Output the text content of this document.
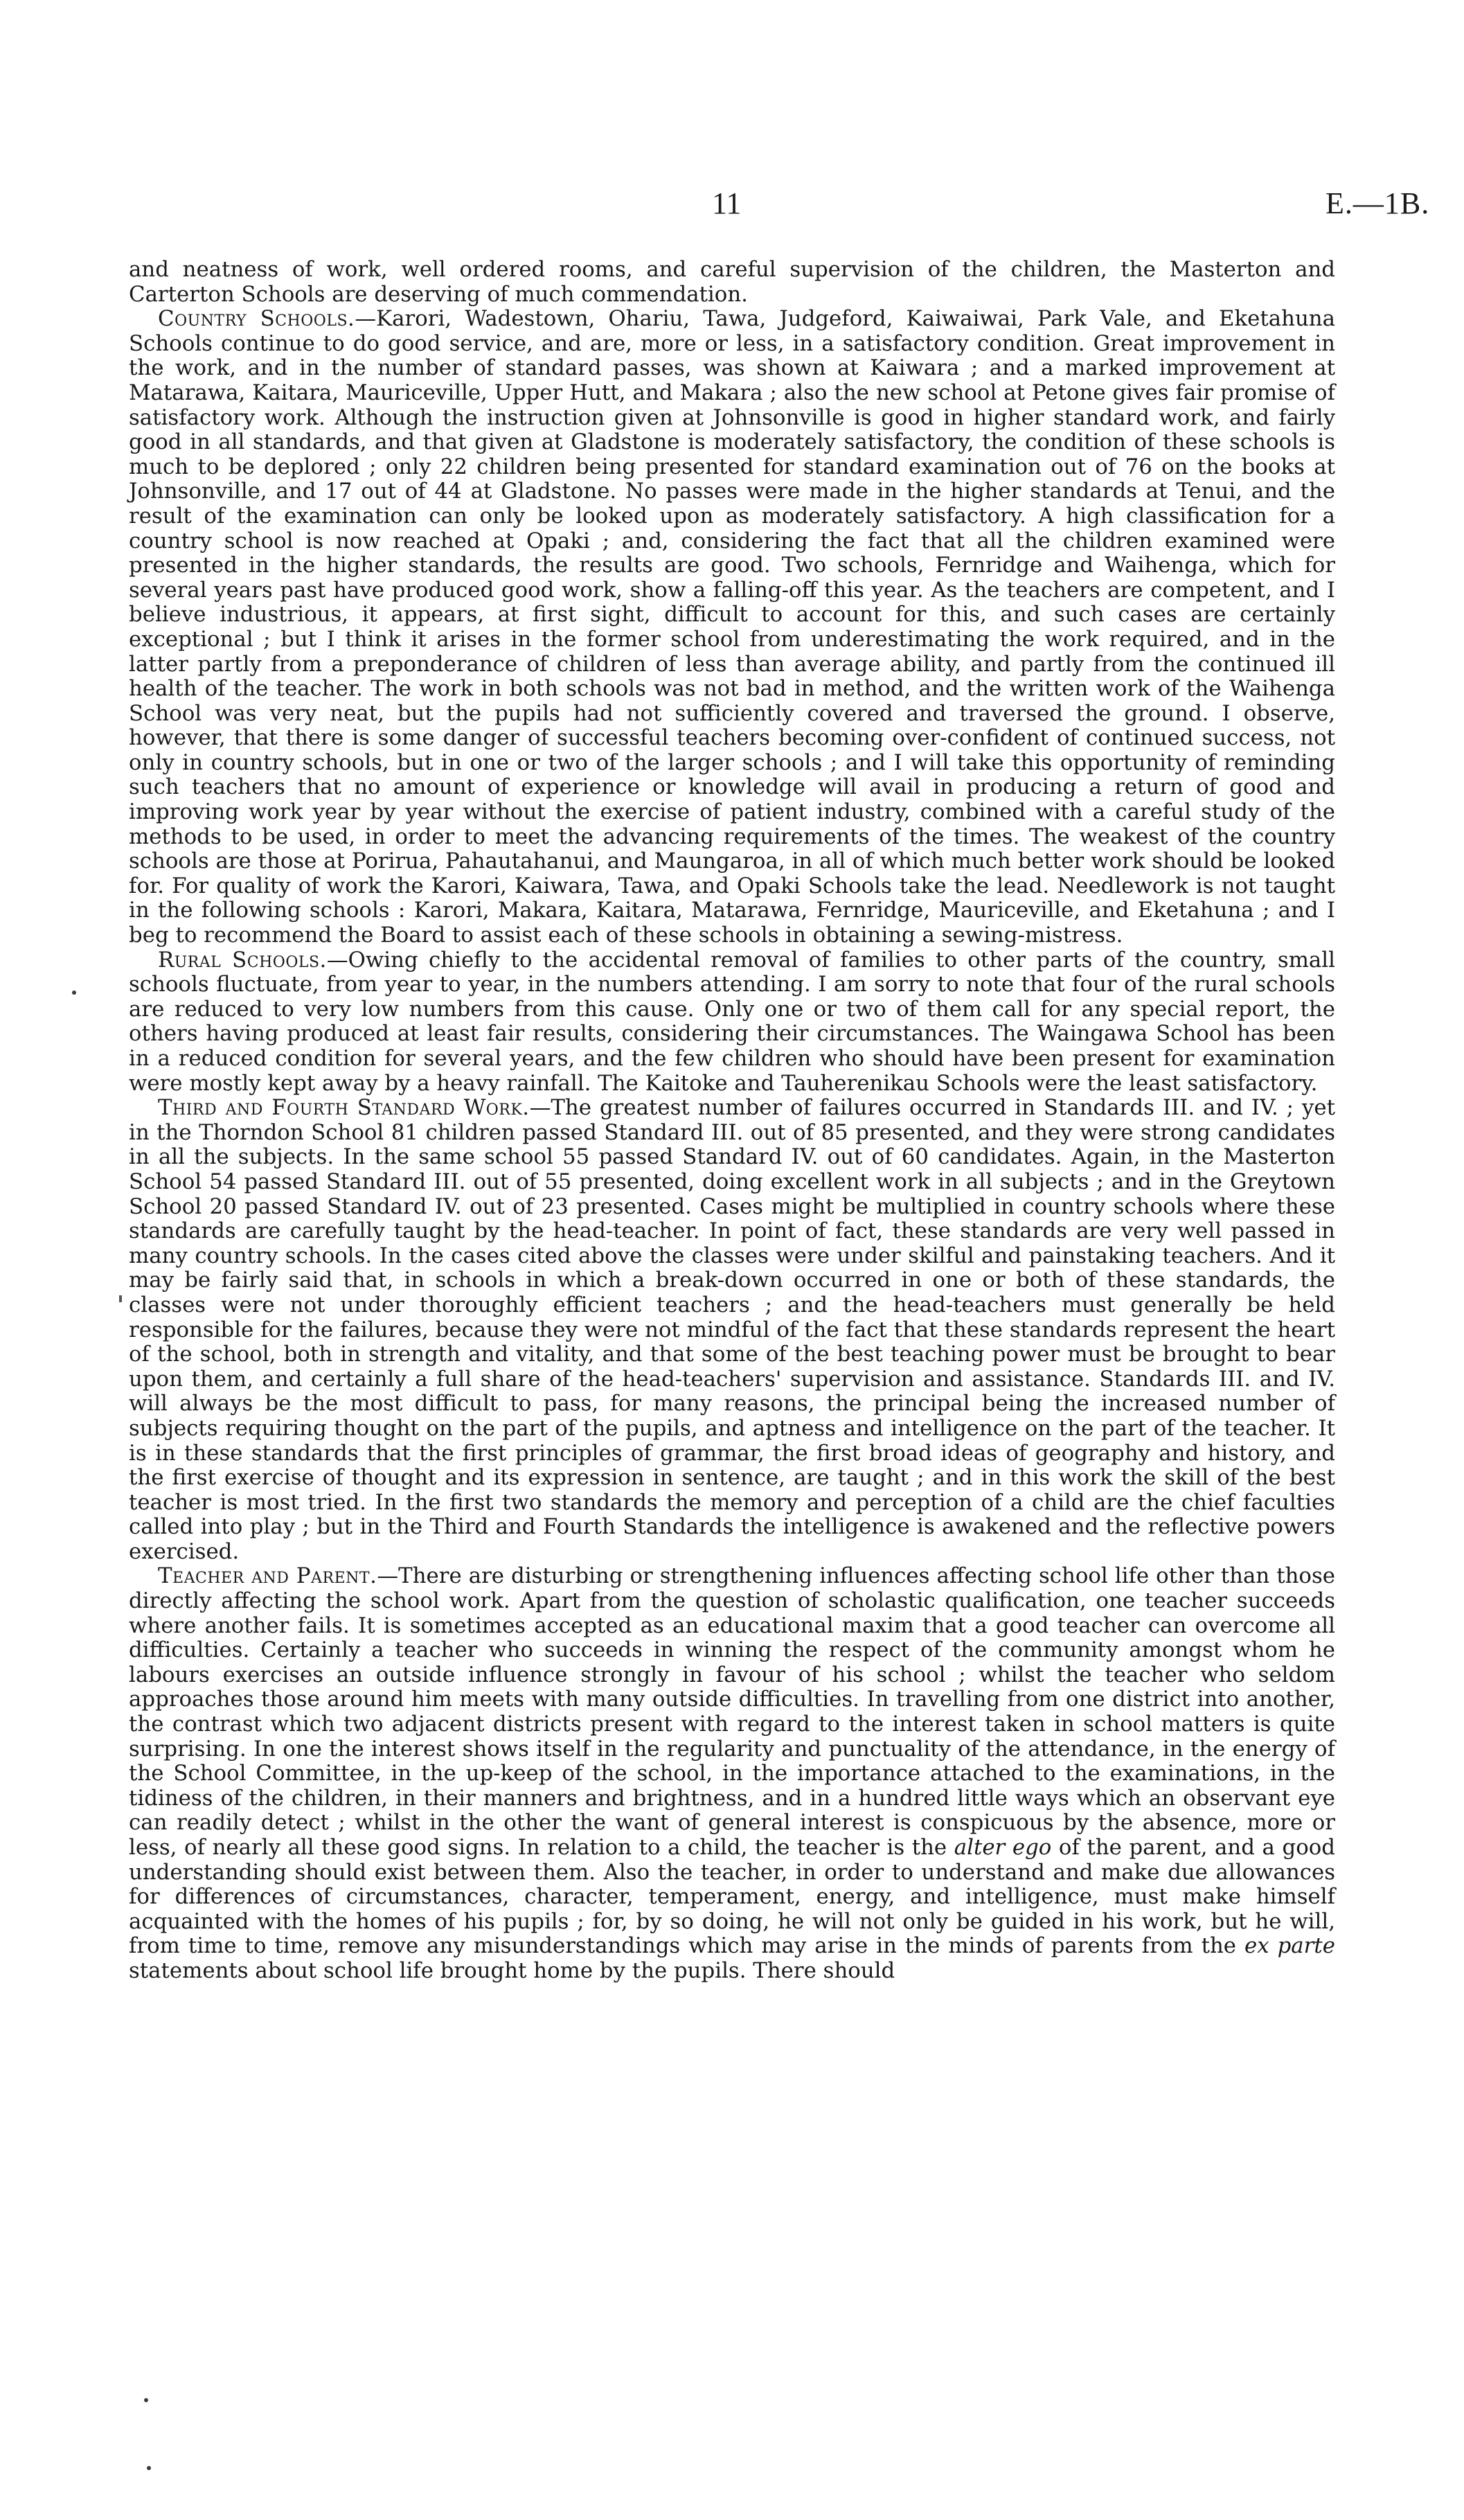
11	E.—1B.

and neatness of work, well ordered rooms, and careful supervision of the children, the Masterton and Carterton Schools are deserving of much commendation.

Country Schools.—Karori, Wadestown, Ohariu, Tawa, Judgeford, Kaiwaiwai, Park Vale, and Eketahuna Schools continue to do good service, and are, more or less, in a satisfactory condition. Great improvement in the work, and in the number of standard passes, was shown at Kaiwara ; and a marked improvement at Matarawa, Kaitara, Mauriceville, Upper Hutt, and Makara ; also the new school at Petone gives fair promise of satisfactory work. Although the instruction given at Johnsonville is good in higher standard work, and fairly good in all standards, and that given at Gladstone is moderately satisfactory, the condition of these schools is much to be deplored ; only 22 children being presented for standard examination out of 76 on the books at Johnsonville, and 17 out of 44 at Gladstone. No passes were made in the higher standards at Tenui, and the result of the examination can only be looked upon as moderately satisfactory. A high classification for a country school is now reached at Opaki ; and, considering the fact that all the children examined were presented in the higher standards, the results are good. Two schools, Fernridge and Waihenga, which for several years past have produced good work, show a falling-off this year. As the teachers are competent, and I believe industrious, it appears, at first sight, difficult to account for this, and such cases are certainly exceptional ; but I think it arises in the former school from underestimating the work required, and in the latter partly from a preponderance of children of less than average ability, and partly from the continued ill health of the teacher. The work in both schools was not bad in method, and the written work of the Waihenga School was very neat, but the pupils had not sufficiently covered and traversed the ground. I observe, however, that there is some danger of successful teachers becoming over-confident of continued success, not only in country schools, but in one or two of the larger schools ; and I will take this opportunity of reminding such teachers that no amount of experience or knowledge will avail in producing a return of good and improving work year by year without the exercise of patient industry, combined with a careful study of the methods to be used, in order to meet the advancing requirements of the times. The weakest of the country schools are those at Porirua, Pahautahanui, and Maungaroa, in all of which much better work should be looked for. For quality of work the Karori, Kaiwara, Tawa, and Opaki Schools take the lead. Needlework is not taught in the following schools : Karori, Makara, Kaitara, Matarawa, Fernridge, Mauriceville, and Eketahuna ; and I beg to recommend the Board to assist each of these schools in obtaining a sewing-mistress.

Rural Schools.—Owing chiefly to the accidental removal of families to other parts of the country, small schools fluctuate, from year to year, in the numbers attending. I am sorry to note that four of the rural schools are reduced to very low numbers from this cause. Only one or two of them call for any special report, the others having produced at least fair results, considering their circumstances. The Waingawa School has been in a reduced condition for several years, and the few children who should have been present for examination were mostly kept away by a heavy rainfall. The Kaitoke and Tauherenikau Schools were the least satisfactory.

Third and Fourth Standard Work.—The greatest number of failures occurred in Standards III. and IV. ; yet in the Thorndon School 81 children passed Standard III. out of 85 presented, and they were strong candidates in all the subjects. In the same school 55 passed Standard IV. out of 60 candidates. Again, in the Masterton School 54 passed Standard III. out of 55 presented, doing excellent work in all subjects ; and in the Greytown School 20 passed Standard IV. out of 23 presented. Cases might be multiplied in country schools where these standards are carefully taught by the head-teacher. In point of fact, these standards are very well passed in many country schools. In the cases cited above the classes were under skilful and painstaking teachers. And it may be fairly said that, in schools in which a break-down occurred in one or both of these standards, the classes were not under thoroughly efficient teachers ; and the head-teachers must generally be held responsible for the failures, because they were not mindful of the fact that these standards represent the heart of the school, both in strength and vitality, and that some of the best teaching power must be brought to bear upon them, and certainly a full share of the head-teachers' supervision and assistance. Standards III. and IV. will always be the most difficult to pass, for many reasons, the principal being the increased number of subjects requiring thought on the part of the pupils, and aptness and intelligence on the part of the teacher. It is in these standards that the first principles of grammar, the first broad ideas of geography and history, and the first exercise of thought and its expression in sentence, are taught ; and in this work the skill of the best teacher is most tried. In the first two standards the memory and perception of a child are the chief faculties called into play ; but in the Third and Fourth Standards the intelligence is awakened and the reflective powers exercised.

Teacher and Parent.—There are disturbing or strengthening influences affecting school life other than those directly affecting the school work. Apart from the question of scholastic qualification, one teacher succeeds where another fails. It is sometimes accepted as an educational maxim that a good teacher can overcome all difficulties. Certainly a teacher who succeeds in winning the respect of the community amongst whom he labours exercises an outside influence strongly in favour of his school ; whilst the teacher who seldom approaches those around him meets with many outside difficulties. In travelling from one district into another, the contrast which two adjacent districts present with regard to the interest taken in school matters is quite surprising. In one the interest shows itself in the regularity and punctuality of the attendance, in the energy of the School Committee, in the up-keep of the school, in the importance attached to the examinations, in the tidiness of the children, in their manners and brightness, and in a hundred little ways which an observant eye can readily detect ; whilst in the other the want of general interest is conspicuous by the absence, more or less, of nearly all these good signs. In relation to a child, the teacher is the alter ego of the parent, and a good understanding should exist between them. Also the teacher, in order to understand and make due allowances for differences of circumstances, character, temperament, energy, and intelligence, must make himself acquainted with the homes of his pupils ; for, by so doing, he will not only be guided in his work, but he will, from time to time, remove any misunderstandings which may arise in the minds of parents from the ex parte statements about school life brought home by the pupils. There should
